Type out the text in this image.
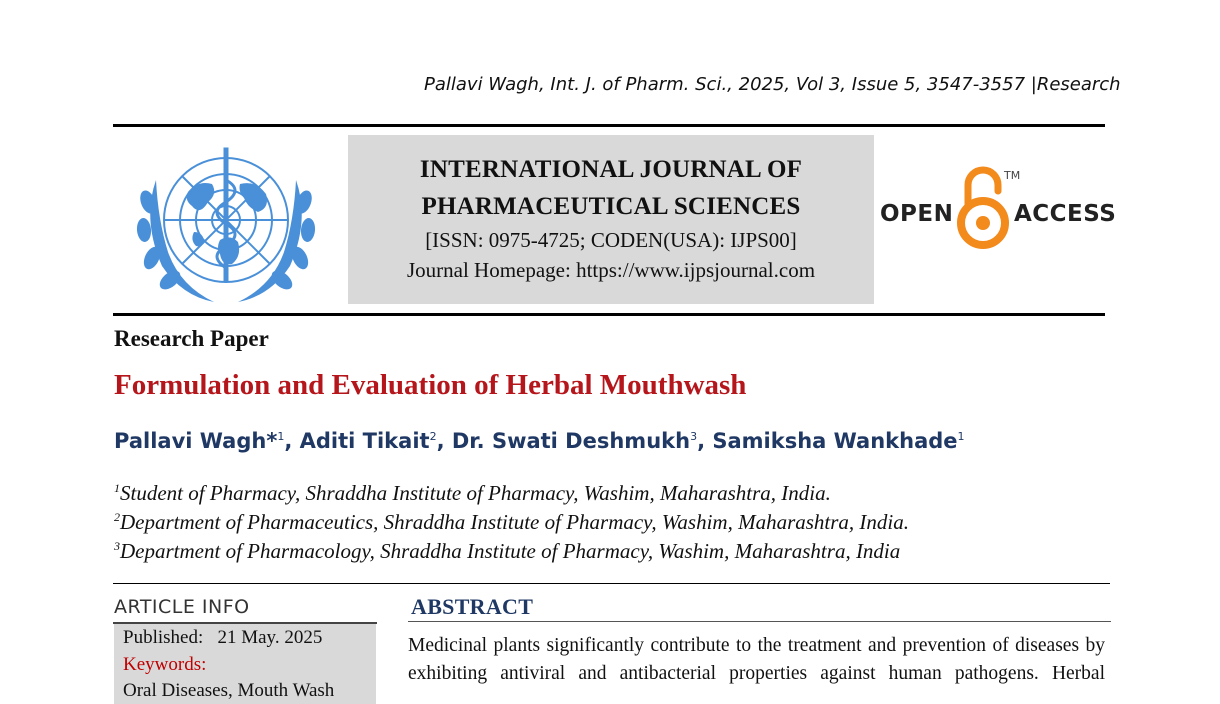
Pallavi Wagh, Int. J. of Pharm. Sci., 2025, Vol 3, Issue 5, 3547-3557 |Research
INTERNATIONAL JOURNAL OF
PHARMACEUTICAL SCIENCES
[ISSN: 0975-4725; CODEN(USA): IJPS00]
Journal Homepage: https://www.ijpsjournal.com
OPEN
TM
ACCESS
Research Paper
Formulation and Evaluation of Herbal Mouthwash
Pallavi Wagh*$^1$, Aditi Tikait$^2$, Dr. Swati Deshmukh$^3$, Samiksha Wankhade$^1$
$^1$Student of Pharmacy, Shraddha Institute of Pharmacy, Washim, Maharashtra, India.
$^2$Department of Pharmaceutics, Shraddha Institute of Pharmacy, Washim, Maharashtra, India.
$^3$Department of Pharmacology, Shraddha Institute of Pharmacy, Washim, Maharashtra, India
ARTICLE INFO
Published: 21 May. 2025
Keywords:
Oral Diseases, Mouth Wash
ABSTRACT
Medicinal plants significantly contribute to the treatment and prevention of diseases by
exhibiting antiviral and antibacterial properties against human pathogens. Herbal
